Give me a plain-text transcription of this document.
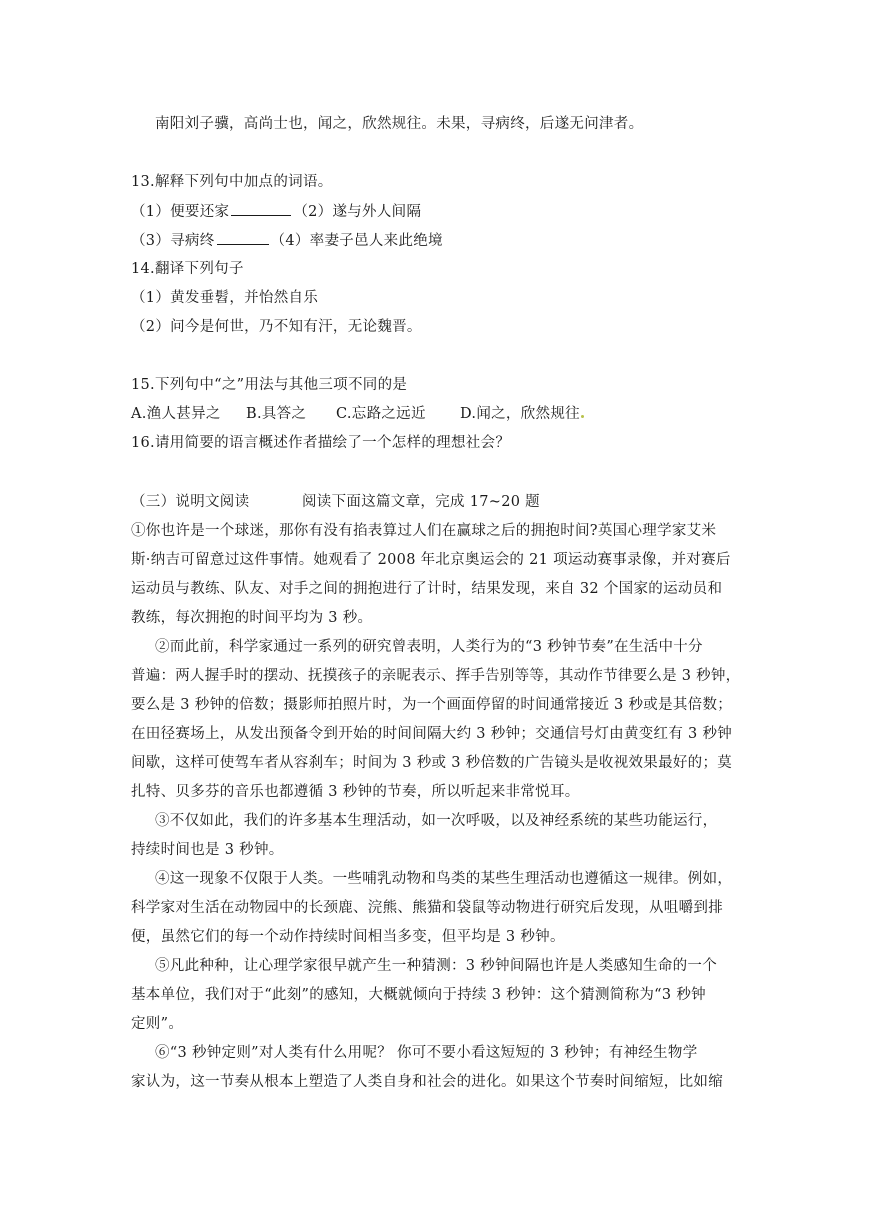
南阳刘子骥，高尚士也，闻之，欣然规往。未果，寻病终，后遂无问津者。
13.解释下列句中加点的词语。
（1）便要还家	（2）遂与外人间隔
（3）寻病终	（4）率妻子邑人来此绝境
14.翻译下列句子
（1）黄发垂髫，并怡然自乐
（2）问今是何世，乃不知有汗，无论魏晋。
15.下列句中“之”用法与其他三项不同的是
A.渔人甚异之 B.具答之 C.忘路之远近 D.闻之，欣然规往
16.请用简要的语言概述作者描绘了一个怎样的理想社会？
（三）说明文阅读	阅读下面这篇文章，完成 17~20 题
①你也许是一个球迷，那你有没有掐表算过人们在赢球之后的拥抱时间?英国心理学家艾米
斯·纳吉可留意过这件事情。她观看了 2008 年北京奥运会的 21 项运动赛事录像，并对赛后
运动员与教练、队友、对手之间的拥抱进行了计时，结果发现，来自 32 个国家的运动员和
教练，每次拥抱的时间平均为 3 秒。
②而此前，科学家通过一系列的研究曾表明，人类行为的“3 秒钟节奏”在生活中十分
普遍：两人握手时的摆动、抚摸孩子的亲昵表示、挥手告别等等，其动作节律要么是 3 秒钟，
要么是 3 秒钟的倍数；摄影师拍照片时，为一个画面停留的时间通常接近 3 秒或是其倍数；
在田径赛场上，从发出预备令到开始的时间间隔大约 3 秒钟；交通信号灯由黄变红有 3 秒钟
间歇，这样可使驾车者从容刹车；时间为 3 秒或 3 秒倍数的广告镜头是收视效果最好的；莫
扎特、贝多芬的音乐也都遵循 3 秒钟的节奏，所以听起来非常悦耳。
③不仅如此，我们的许多基本生理活动，如一次呼吸，以及神经系统的某些功能运行，
持续时间也是 3 秒钟。
④这一现象不仅限于人类。一些哺乳动物和鸟类的某些生理活动也遵循这一规律。例如，
科学家对生活在动物园中的长颈鹿、浣熊、熊猫和袋鼠等动物进行研究后发现，从咀嚼到排
便，虽然它们的每一个动作持续时间相当多变，但平均是 3 秒钟。
⑤凡此种种，让心理学家很早就产生一种猜测：3 秒钟间隔也许是人类感知生命的一个
基本单位，我们对于“此刻”的感知，大概就倾向于持续 3 秒钟：这个猜测简称为“3 秒钟
定则”。
⑥“3 秒钟定则”对人类有什么用呢？ 你可不要小看这短短的 3 秒钟；有神经生物学
家认为，这一节奏从根本上塑造了人类自身和社会的进化。如果这个节奏时间缩短，比如缩
